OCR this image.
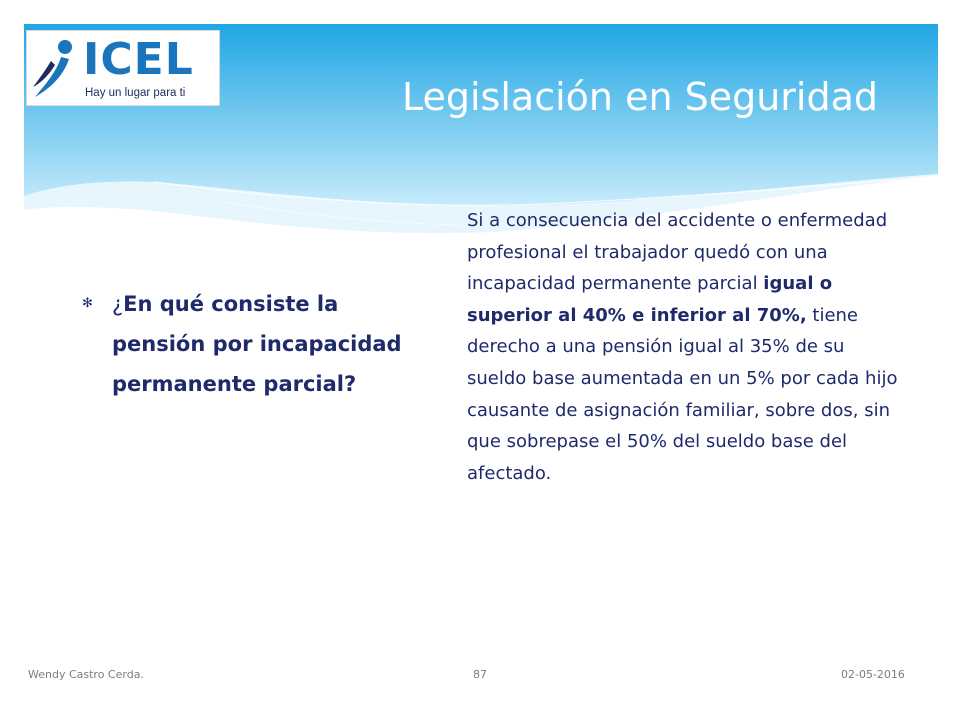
ICEL
Hay un lugar para ti	Legislación en Seguridad
✻ ¿En qué consiste la pensión por incapacidad permanente parcial?
Si a consecuencia del accidente o enfermedad profesional el trabajador quedó con una incapacidad permanente parcial igual o superior al 40% e inferior al 70%, tiene derecho a una pensión igual al 35% de su sueldo base aumentada en un 5% por cada hijo causante de asignación familiar, sobre dos, sin que sobrepase el 50% del sueldo base del afectado.
Wendy Castro Cerda.	87	02-05-2016
